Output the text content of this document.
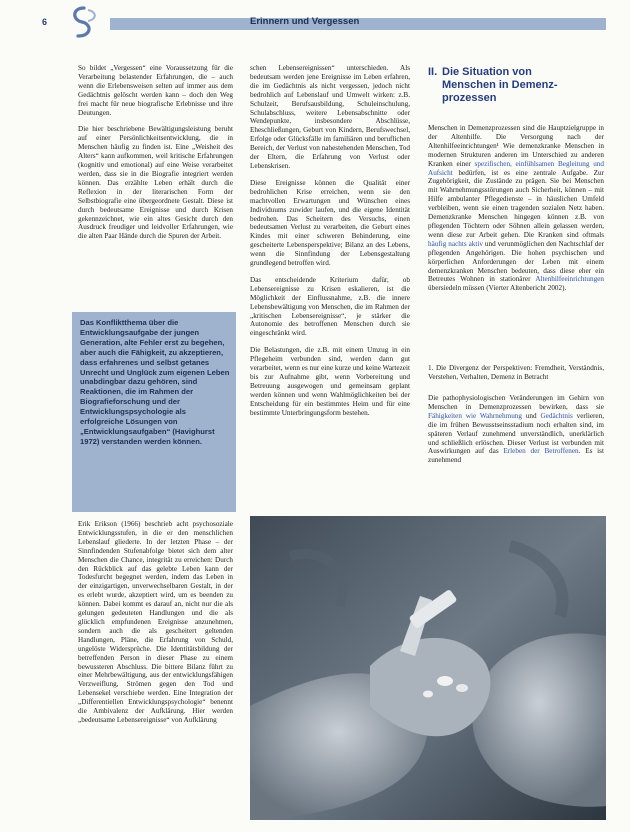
6	Erinnern und Vergessen

So bildet „Vergessen“ eine Voraussetzung für die Verarbeitung belastender Erfahrungen, die – auch wenn die Erlebensweisen selten auf immer aus dem Gedächtnis gelöscht werden kann – doch den Weg frei macht für neue biografische Erlebnisse und ihre Deutungen.

Die hier beschriebene Bewältigungsleistung beruht auf einer Persönlichkeitsentwicklung, die in Menschen häufig zu finden ist. Eine „Weisheit des Alters“ kann aufkommen, weil kritische Erfahrungen (kognitiv und emotional) auf eine Weise verarbeitet werden, dass sie in die Biografie integriert werden können. Das erzählte Leben erhält durch die Reflexion in der literarischen Form der Selbstbiografie eine übergeordnete Gestalt. Diese ist durch bedeutsame Ereignisse und durch Krisen gekennzeichnet, wie ein altes Gesicht durch den Ausdruck freudiger und leidvoller Erfahrungen, wie die alten Paar Hände durch die Spuren der Arbeit.

Das Konfliktthema über die Entwicklungsaufgabe der jungen Generation, alte Fehler erst zu begehen, aber auch die Fähigkeit, zu akzeptieren, dass erfahrenes und selbst getanes Unrecht und Unglück zum eigenen Leben unabdingbar dazu gehören, sind Reaktionen, die im Rahmen der Biografieforschung und der Entwicklungspsychologie als erfolgreiche Lösungen von „Entwicklungsaufgaben“ (Havighurst 1972) verstanden werden können.

Erik Erikson (1966) beschrieb acht psychosoziale Entwicklungsstufen, in die er den menschlichen Lebenslauf gliederte. In der letzten Phase – der Sinnfindenden Stufenabfolge bietet sich dem alter Menschen die Chance, integrität zu erreichen: Durch den Rückblick auf das gelebte Leben kann der Todesfurcht begegnet werden, indem das Leben in der einzigartigen, unverwechselbaren Gestalt, in der es erlebt wurde, akzeptiert wird, um es beenden zu können. Dabei kommt es darauf an, nicht nur die als gelungen gedeuteten Handlungen und die als glücklich empfundenen Ereignisse anzunehmen, sondern auch die als gescheitert geltenden Handlungen, Pläne, die Erfahrung von Schuld, ungelöste Widersprüche. Die Identitätsbildung der betreffenden Person in dieser Phase zu einem bewussteren Abschluss. Die bittere Bilanz führt zu einer Mehrbewältigung, aus der entwicklungsfähigen Verzweiflung, Strömen gegen den Tod und Lebensekel verschiebe werden. Eine Integration der „Differentiellen Entwicklungspsychologie“ benennt die Ambivalenz der Aufklärung. Hier werden „bedeutsame Lebensereignisse“ von Aufklärung

schen Lebensereignissen“ unterschieden. Als bedeutsam werden jene Ereignisse im Leben erfahren, die im Gedächtnis als nicht vergessen, jedoch nicht bedrohlich auf Lebenslauf und Umwelt wirken: z.B. Schulzeit, Berufsausbildung, Schuleinschulung, Schulabschluss, weitere Lebensabschnitte oder Wendepunkte, insbesondere Abschlüsse, Eheschließungen, Geburt von Kindern, Berufswechsel, Erfolge oder Glücksfälle im familiären und beruflichen Bereich, der Verlust von nahestehenden Menschen, Tod der Eltern, die Erfahrung von Verlust oder Lebenskrisen.

Diese Ereignisse können die Qualität einer bedrohlichen Krise erreichen, wenn sie den machtvollen Erwartungen und Wünschen eines Individuums zuwider laufen, und die eigene Identität bedrohen. Das Scheitern des Versuchs, einen bedeutsamen Verlust zu verarbeiten, die Geburt eines Kindes mit einer schweren Behinderung, eine gescheiterte Lebensperspektive; Bilanz an des Lebens, wenn die Sinnfindung der Lebensgestaltung grundlegend betroffen wird.

Das entscheidende Kriterium dafür, ob Lebensereignisse zu Krisen eskalieren, ist die Möglichkeit der Einflussnahme, z.B. die innere Lebensbewältigung von Menschen, die im Rahmen der „kritischen Lebensereignisse“, je stärker die Autonomie des betroffenen Menschen durch sie eingeschränkt wird.

Die Belastungen, die z.B. mit einem Umzug in ein Pflegeheim verbunden sind, werden dann gut verarbeitet, wenn es nur eine kurze und keine Wartezeit bis zur Aufnahme gibt, wenn Vorbereitung und Betreuung ausgewogen und gemeinsam geplant werden können und wenn Wahlmöglichkeiten bei der Entscheidung für ein bestimmtes Heim und für eine bestimmte Unterbringungsform bestehen.

II. Die Situation von
Menschen in Demenz-
prozessen

Menschen in Demenzprozessen sind die Hauptzielgruppe in der Altenhilfe. Die Versorgung nach der Altenhilfeeinrichtungen¹ Wie demenzkranke Menschen in modernen Strukturen anderen im Unterschied zu anderen Kranken einer spezifischen, einfühlsamen Begleitung und Aufsicht bedürfen, ist es eine zentrale Aufgabe. Zur Zugehörigkeit, die Zustände zu prägen. Sie bei Menschen mit Wahrnehmungsstörungen auch Sicherheit, können – mit Hilfe ambulanter Pflegedienste – in häuslichen Umfeld verbleiben, wenn sie einen tragenden sozialen Netz haben. Demenzkranke Menschen hingegen können z.B. von pflegenden Töchtern oder Söhnen allein gelassen werden, wenn diese zur Arbeit gehen. Die Kranken sind oftmals häufig nachts aktiv und verunmöglichen den Nachtschlaf der pflegenden Angehörigen. Die hohen psychischen und körperlichen Anforderungen der Leben mit einem demenzkranken Menschen bedeuten, dass diese eher ein Betreutes Wohnen in stationärer Altenhilfeeinrichtungen übersiedeln müssen (Vierter Altenbericht 2002).

1. Die Divergenz der Perspektiven: Fremdheit, Verständnis, Verstehen, Verhalten, Demenz in Betracht

Die pathophysiologischen Veränderungen im Gehirn von Menschen in Demenzprozessen bewirken, dass sie Fähigkeiten wie Wahrnehmung und Gedächtnis verlieren, die im frühen Bewusstseinsstadium noch erhalten sind, im späteren Verlauf zunehmend unverständlich, unerklärlich und schließlich erlöschen. Dieser Verlust ist verbunden mit Auswirkungen auf das Erleben der Betroffenen. Es ist zunehmend
